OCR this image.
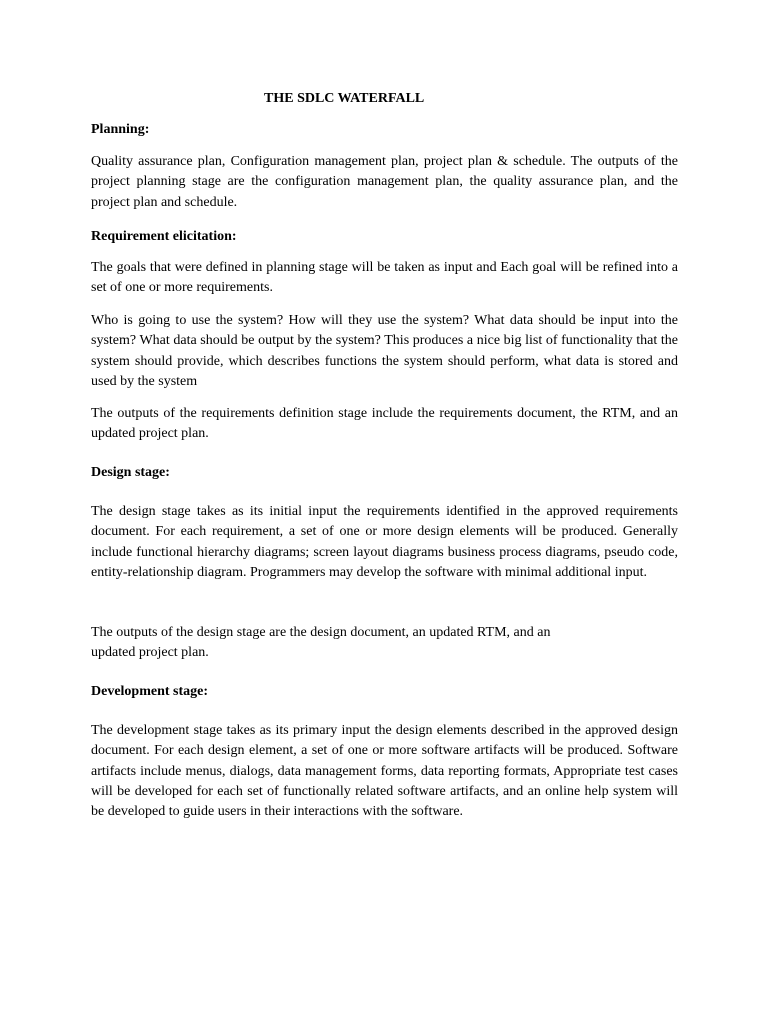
THE SDLC WATERFALL
Planning:

Quality assurance plan, Configuration management plan, project plan & schedule. The outputs of the project planning stage are the configuration management plan, the quality assurance plan, and the project plan and schedule.

Requirement elicitation:

The goals that were defined in planning stage will be taken as input and Each goal will be refined into a set of one or more requirements.

Who is going to use the system? How will they use the system? What data should be input into the system? What data should be output by the system? This produces a nice big list of functionality that the system should provide, which describes functions the system should perform, what data is stored and used by the system

The outputs of the requirements definition stage include the requirements document, the RTM, and an updated project plan.

Design stage:

The design stage takes as its initial input the requirements identified in the approved requirements document. For each requirement, a set of one or more design elements will be produced. Generally include functional hierarchy diagrams; screen layout diagrams business process diagrams, pseudo code, entity-relationship diagram. Programmers may develop the software with minimal additional input.

The outputs of the design stage are the design document, an updated RTM, and an
updated project plan.

Development stage:

The development stage takes as its primary input the design elements described in the approved design document. For each design element, a set of one or more software artifacts will be produced. Software artifacts include menus, dialogs, data management forms, data reporting formats, Appropriate test cases will be developed for each set of functionally related software artifacts, and an online help system will be developed to guide users in their interactions with the software.
